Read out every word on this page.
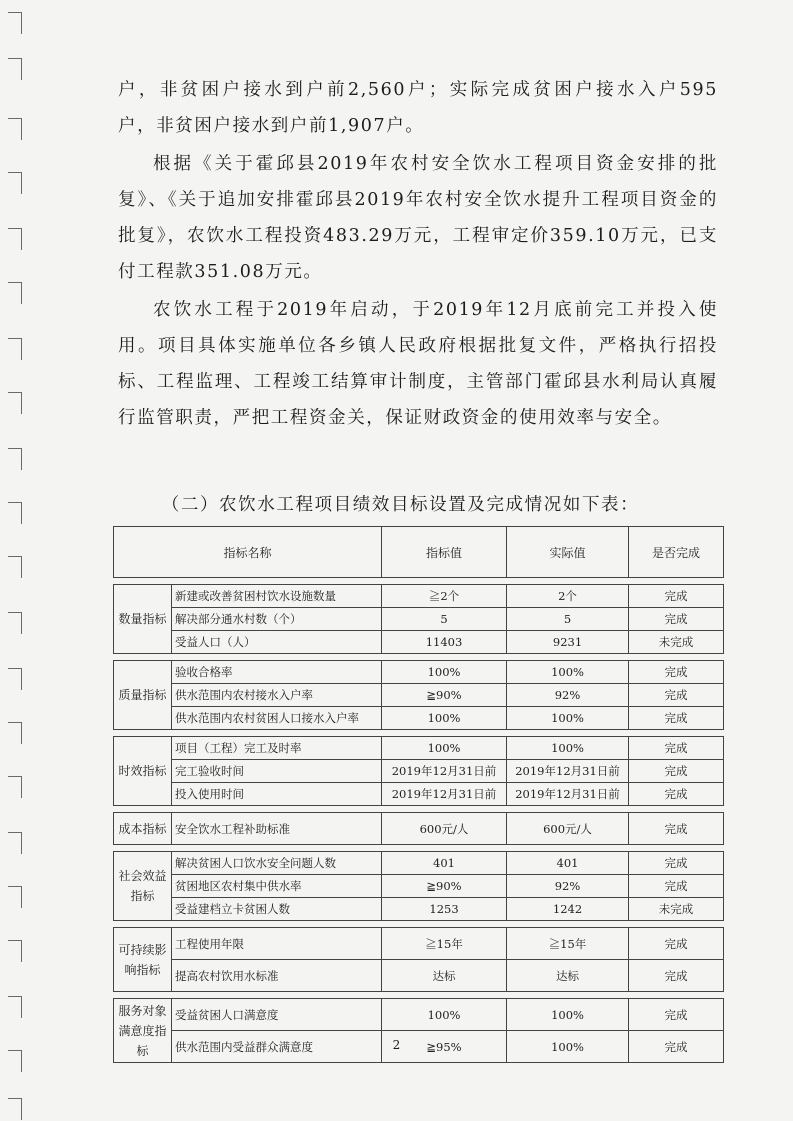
户，非贫困户接水到户前2,560户；实际完成贫困户接水入户595 户，非贫困户接水到户前1,907户。

根据《关于霍邱县2019年农村安全饮水工程项目资金安排的批复》、《关于追加安排霍邱县2019年农村安全饮水提升工程项目资金的批复》，农饮水工程投资483.29万元，工程审定价359.10万元，已支付工程款351.08万元。

农饮水工程于2019年启动，于2019年12月底前完工并投入使用。项目具体实施单位各乡镇人民政府根据批复文件，严格执行招投标、工程监理、工程竣工结算审计制度，主管部门霍邱县水利局认真履行监管职责，严把工程资金关，保证财政资金的使用效率与安全。

（二）农饮水工程项目绩效目标设置及完成情况如下表：
指标名称		指标值	实际值	是否完成

数量指标	新建或改善贫困村饮水设施数量	≧2个	2个	完成
	解决部分通水村数（个）	5	5	完成
	受益人口（人）	11403	9231	未完成

质量指标	验收合格率	100%	100%	完成
	供水范围内农村接水入户率	≧90%	92%	完成
	供水范围内农村贫困人口接水入户率	100%	100%	完成

时效指标	项目（工程）完工及时率	100%	100%	完成
	完工验收时间	2019年12月31日前	2019年12月31日前	完成
	投入使用时间	2019年12月31日前	2019年12月31日前	完成

成本指标	安全饮水工程补助标准	600元/人	600元/人	完成

社会效益指标	解决贫困人口饮水安全问题人数	401	401	完成
	贫困地区农村集中供水率	≧90%	92%	完成
	受益建档立卡贫困人数	1253	1242	未完成

可持续影响指标	工程使用年限	≧15年	≧15年	完成
	提高农村饮用水标准	达标	达标	完成

服务对象满意度指标	受益贫困人口满意度	100%	100%	完成
	供水范围内受益群众满意度	≧95%	100%	完成
2
